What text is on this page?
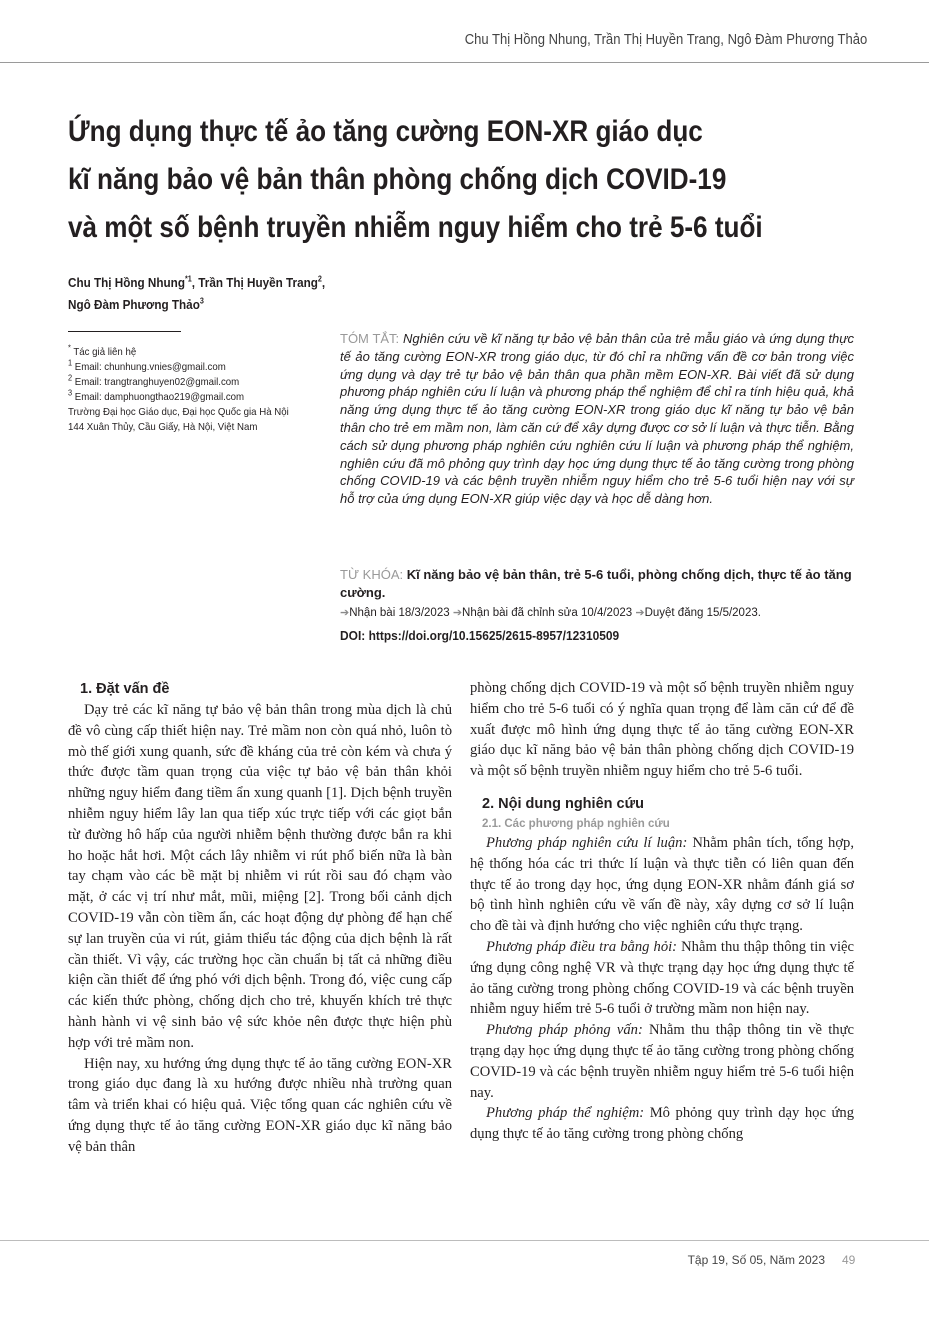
Chu Thị Hồng Nhung, Trần Thị Huyền Trang, Ngô Đàm Phương Thảo
Ứng dụng thực tế ảo tăng cường EON-XR giáo dục
kĩ năng bảo vệ bản thân phòng chống dịch COVID-19
và một số bệnh truyền nhiễm nguy hiểm cho trẻ 5-6 tuổi
Chu Thị Hồng Nhung$^{*1}$, Trần Thị Huyền Trang$^2$,
Ngô Đàm Phương Thảo$^3$
* Tác giả liên hệ
$^1$ Email: chunhung.vnies@gmail.com
$^2$ Email: trangtranghuyen02@gmail.com
$^3$ Email: damphuongthao219@gmail.com
Trường Đại học Giáo dục, Đại học Quốc gia Hà Nội
144 Xuân Thủy, Cầu Giấy, Hà Nội, Việt Nam
TÓM TẮT: Nghiên cứu về kĩ năng tự bảo vệ bản thân của trẻ mẫu giáo và ứng dụng thực tế ảo tăng cường EON-XR trong giáo dục, từ đó chỉ ra những vấn đề cơ bản trong việc ứng dụng và dạy trẻ tự bảo vệ bản thân qua phần mềm EON-XR. Bài viết đã sử dụng phương pháp nghiên cứu lí luận và phương pháp thể nghiệm để chỉ ra tính hiệu quả, khả năng ứng dụng thực tế ảo tăng cường EON-XR trong giáo dục kĩ năng tự bảo vệ bản thân cho trẻ em mầm non, làm căn cứ để xây dựng được cơ sở lí luận và thực tiễn. Bằng cách sử dụng phương pháp nghiên cứu nghiên cứu lí luận và phương pháp thể nghiệm, nghiên cứu đã mô phỏng quy trình dạy học ứng dụng thực tế ảo tăng cường trong phòng chống COVID-19 và các bệnh truyền nhiễm nguy hiểm cho trẻ 5-6 tuổi hiện nay với sự hỗ trợ của ứng dụng EON-XR giúp việc dạy và học dễ dàng hơn.
TỪ KHÓA: Kĩ năng bảo vệ bản thân, trẻ 5-6 tuổi, phòng chống dịch, thực tế ảo tăng cường.
➔Nhận bài 18/3/2023 ➔Nhận bài đã chỉnh sửa 10/4/2023 ➔Duyệt đăng 15/5/2023.
DOI: https://doi.org/10.15625/2615-8957/12310509
1. Đặt vấn đề

Dạy trẻ các kĩ năng tự bảo vệ bản thân trong mùa dịch là chủ đề vô cùng cấp thiết hiện nay. Trẻ mầm non còn quá nhỏ, luôn tò mò thế giới xung quanh, sức đề kháng của trẻ còn kém và chưa ý thức được tầm quan trọng của việc tự bảo vệ bản thân khỏi những nguy hiểm đang tiềm ẩn xung quanh [1]. Dịch bệnh truyền nhiễm nguy hiểm lây lan qua tiếp xúc trực tiếp với các giọt bắn từ đường hô hấp của người nhiễm bệnh thường được bắn ra khi ho hoặc hắt hơi. Một cách lây nhiễm vi rút phổ biến nữa là bàn tay chạm vào các bề mặt bị nhiễm vi rút rồi sau đó chạm vào mặt, ở các vị trí như mắt, mũi, miệng [2]. Trong bối cảnh dịch COVID-19 vẫn còn tiềm ẩn, các hoạt động dự phòng để hạn chế sự lan truyền của vi rút, giảm thiểu tác động của dịch bệnh là rất cần thiết. Vì vậy, các trường học cần chuẩn bị tất cả những điều kiện cần thiết để ứng phó với dịch bệnh. Trong đó, việc cung cấp các kiến thức phòng, chống dịch cho trẻ, khuyến khích trẻ thực hành hành vi vệ sinh bảo vệ sức khỏe nên được thực hiện phù hợp với trẻ mầm non.

Hiện nay, xu hướng ứng dụng thực tế ảo tăng cường EON-XR trong giáo dục đang là xu hướng được nhiều nhà trường quan tâm và triển khai có hiệu quả. Việc tổng quan các nghiên cứu về ứng dụng thực tế ảo tăng cường EON-XR giáo dục kĩ năng bảo vệ bản thân

phòng chống dịch COVID-19 và một số bệnh truyền nhiễm nguy hiểm cho trẻ 5-6 tuổi có ý nghĩa quan trọng để làm căn cứ để đề xuất được mô hình ứng dụng thực tế ảo tăng cường EON-XR giáo dục kĩ năng bảo vệ bản thân phòng chống dịch COVID-19 và một số bệnh truyền nhiễm nguy hiểm cho trẻ 5-6 tuổi.

2. Nội dung nghiên cứu
2.1. Các phương pháp nghiên cứu

Phương pháp nghiên cứu lí luận: Nhằm phân tích, tổng hợp, hệ thống hóa các tri thức lí luận và thực tiễn có liên quan đến thực tế ảo trong dạy học, ứng dụng EON-XR nhằm đánh giá sơ bộ tình hình nghiên cứu về vấn đề này, xây dựng cơ sở lí luận cho đề tài và định hướng cho việc nghiên cứu thực trạng.

Phương pháp điều tra bằng hỏi: Nhằm thu thập thông tin việc ứng dụng công nghệ VR và thực trạng dạy học ứng dụng thực tế ảo tăng cường trong phòng chống COVID-19 và các bệnh truyền nhiễm nguy hiểm trẻ 5-6 tuổi ở trường mầm non hiện nay.

Phương pháp phỏng vấn: Nhằm thu thập thông tin về thực trạng dạy học ứng dụng thực tế ảo tăng cường trong phòng chống COVID-19 và các bệnh truyền nhiễm nguy hiểm trẻ 5-6 tuổi hiện nay.

Phương pháp thể nghiệm: Mô phỏng quy trình dạy học ứng dụng thực tế ảo tăng cường trong phòng chống

Tập 19, Số 05, Năm 2023 49
